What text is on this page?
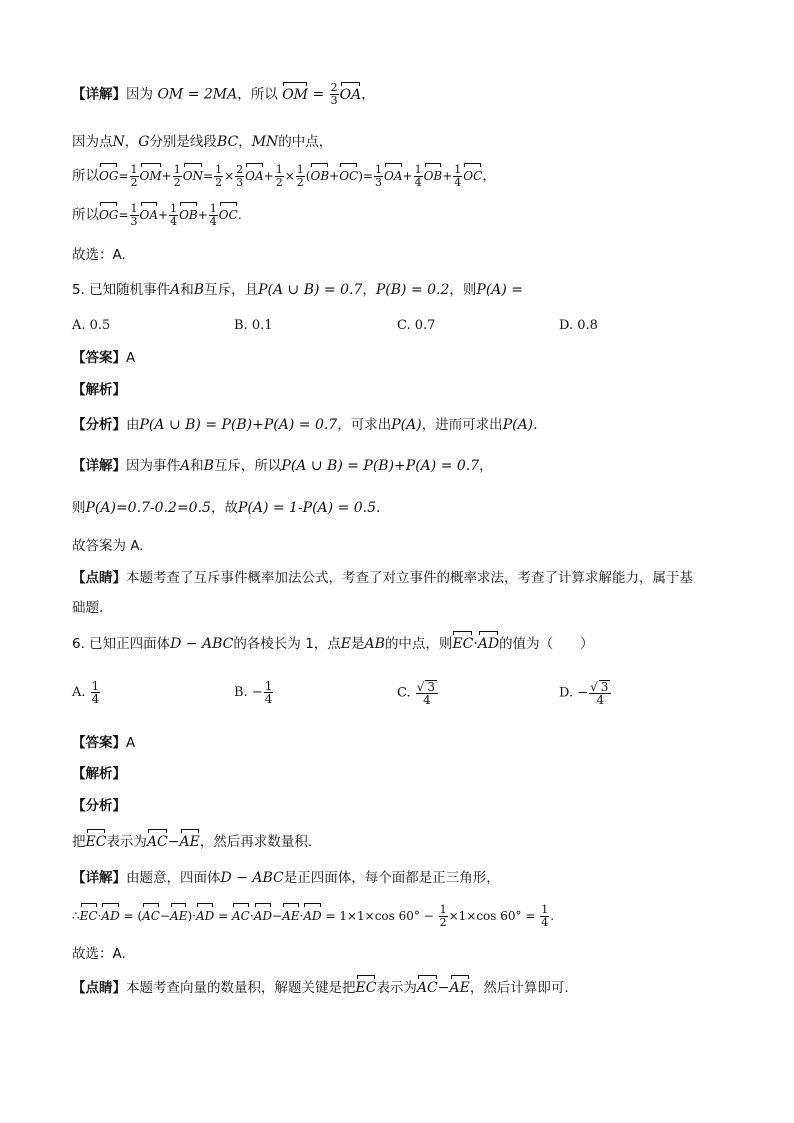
【详解】因为 OM = 2MA，所以 OM = $\frac{2}{3}$ OA，
因为点N，G分别是线段BC，MN的中点，
所以$OG= \frac{1}{2} OM+ \frac{1}{2} ON= \frac{1}{2} \times \frac{2}{3} OA+ \frac{1}{2} \times \frac{1}{2} (OB+OC)= \frac{1}{3} OA+ \frac{1}{4} OB+ \frac{1}{4}$ OC，
所以$OG= \frac{1}{3} OA+ \frac{1}{4} OB+ \frac{1}{4}$ OC.
故选：A.
5. 已知随机事件A和B互斥，且P(A ∪ B) = 0.7，P(B) = 0.2，则P(A) =
A. 0.5	B. 0.1	C. 0.7	D. 0.8
【答案】A
【解析】
【分析】由P(A ∪ B) = P(B)+P(A) = 0.7，可求出P(A)，进而可求出P(A).
【详解】因为事件A和B互斥，所以P(A ∪ B) = P(B)+P(A) = 0.7，
则P(A)=0.7-0.2=0.5，故P(A) = 1-P(A) = 0.5.
故答案为 A.
【点睛】本题考查了互斥事件概率加法公式，考查了对立事件的概率求法，考查了计算求解能力，属于基
础题.
6. 已知正四面体D − ABC的各棱长为 1，点E是AB的中点，则EC·AD的值为（　　）
A. $\frac{1}{4}$	B. − $\frac{1}{4}$	C. $\frac{√ 3}{4}$	D. − $\frac{√ 3}{4}$
【答案】A
【解析】
【分析】
把EC表示为AC−AE，然后再求数量积.
【详解】由题意，四面体D − ABC是正四面体，每个面都是正三角形，
∴EC·AD = (AC−AE)·AD = AC·AD−AE·AD = 1×1×cos $60^\circ - \frac{1}{2} \times 1\times\cos$ $60^\circ = \frac{1}{4}$ .
故选：A.
【点睛】本题考查向量的数量积，解题关键是把EC表示为AC−AE，然后计算即可.
